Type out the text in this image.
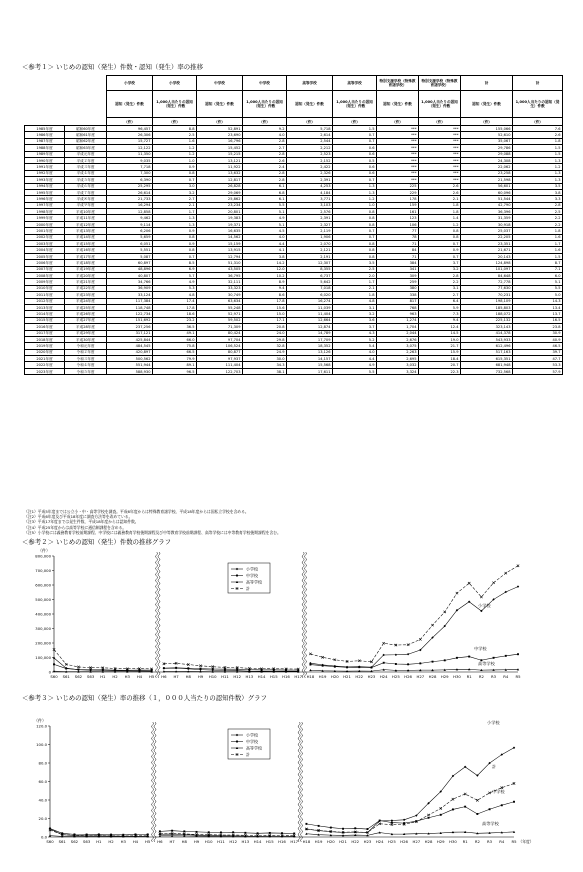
＜参考１＞ いじめの認知（発生）件数・認知（発生）率の推移
		小学校	小学校	中学校	中学校	高等学校	高等学校	特別支援学校（特殊教育諸学校）	特別支援学校（特殊教育諸学校）	計	計
		認知（発生）件数	1,000人当たりの認知（発生）件数	認知（発生）件数	1,000人当たりの認知（発生）件数	認知（発生）件数	1,000人当たりの認知（発生）件数	認知（発生）件数	1,000人当たりの認知（発生）件数	認知（発生）件数	1,000人当たりの認知（発生）件数
		（件）	（件）	（件）	（件）	（件）	（件）	（件）	（件）	（件）	（件）
1985年度	昭和60年度	96,457	8.8	52,891	9.2	5,718	1.5	***	***	155,066	7.6
1986年度	昭和61年度	26,306	2.5	23,690	4.0	2,614	0.7	***	***	52,610	2.6
1987年度	昭和62年度	15,727	1.6	16,796	2.8	2,544	0.7	***	***	35,067	1.8
1988年度	昭和63年度	12,122	1.2	15,452	2.7	2,212	0.6	***	***	29,786	1.5
1989年度	平成元年度	11,350	1.2	15,215	2.8	2,523	0.6	***	***	29,088	1.5
1990年度	平成２年度	9,035	1.0	13,121	2.6	2,152	0.5	***	***	24,308	1.3
1991年度	平成３年度	7,718	0.9	11,922	2.4	2,422	0.6	***	***	22,062	1.2
1992年度	平成４年度	7,300	0.8	13,632	2.8	2,326	0.6	***	***	23,258	1.3
1993年度	平成５年度	6,390	0.7	12,817	2.8	2,391	0.7	***	***	21,598	1.3
1994年度	平成６年度	25,295	3.0	26,828	6.1	4,253	1.3	225	2.6	56,601	3.5
1995年度	平成７年度	26,614	3.2	29,069	6.8	4,184	1.3	229	2.6	60,096	3.8
1996年度	平成８年度	21,733	2.7	25,862	6.1	3,771	1.2	178	2.1	51,544	3.3
1997年度	平成９年度	16,294	2.1	23,234	5.5	3,103	1.0	159	1.8	42,790	2.8
1998年度	平成10年度	12,858	1.7	20,801	5.1	2,576	0.8	161	1.8	36,396	2.5
1999年度	平成11年度	9,462	1.3	19,383	4.9	2,391	0.8	123	1.4	31,359	2.2
2000年度	平成12年度	9,114	1.3	19,371	5.1	2,327	0.8	106	1.2	30,918	2.2
2001年度	平成13年度	6,206	0.9	16,635	4.5	2,119	0.7	77	0.8	25,037	1.8
2002年度	平成14年度	5,659	0.8	14,562	4.0	1,906	0.7	78	0.8	22,205	1.6
2003年度	平成15年度	6,051	0.9	15,159	4.4	2,070	0.8	71	0.7	23,351	1.7
2004年度	平成16年度	5,551	0.8	13,915	4.1	2,121	0.8	84	0.9	21,671	1.6
2005年度	平成17年度	5,087	0.7	12,794	3.8	2,191	0.8	71	0.7	20,143	1.5
2006年度	平成18年度	60,897	8.5	51,310	14.2	12,307	3.5	384	3.7	124,898	8.7
2007年度	平成19年度	48,896	6.9	43,505	12.0	8,355	2.5	341	3.2	101,097	7.1
2008年度	平成20年度	40,807	5.7	36,795	10.2	6,737	2.0	309	2.8	84,648	6.0
2009年度	平成21年度	34,766	4.9	32,111	8.9	5,642	1.7	259	2.2	72,778	5.1
2010年度	平成22年度	36,909	5.3	33,323	9.4	7,018	2.1	380	3.1	77,630	5.5
2011年度	平成23年度	33,124	4.8	30,749	8.6	6,020	1.8	338	2.7	70,231	5.0
2012年度	平成24年度	117,384	17.4	63,634	17.8	16,274	4.8	817	6.4	198,109	14.3
2013年度	平成25年度	118,748	17.8	55,248	15.6	11,039	3.1	768	5.9	185,803	13.4
2014年度	平成26年度	122,734	18.6	52,971	15.0	11,404	3.2	963	7.3	188,072	13.7
2015年度	平成27年度	151,692	23.2	59,502	17.1	12,664	3.6	1,274	9.4	225,132	16.5
2016年度	平成28年度	237,256	36.5	71,309	20.8	12,874	3.7	1,704	12.4	323,143	23.8
2017年度	平成29年度	317,121	49.1	80,424	24.0	14,789	4.3	2,044	14.5	414,378	30.9
2018年度	平成30年度	425,844	66.0	97,704	29.8	17,709	5.2	2,676	19.0	543,933	40.9
2019年度	令和元年度	484,545	75.8	106,524	32.8	18,352	5.4	3,075	21.7	612,496	46.5
2020年度	令和２年度	420,897	66.5	80,877	24.9	13,126	4.0	2,263	15.9	517,163	39.7
2021年度	令和３年度	500,562	79.9	97,937	30.0	14,157	4.4	2,695	18.4	615,351	47.7
2022年度	令和４年度	551,944	89.1	111,404	34.3	15,568	4.9	3,032	20.7	681,948	53.3
2023年度	令和５年度	588,930	96.5	122,703	38.1	17,611	5.5	3,324	22.3	732,568	57.9
（注1）平成5年度までは公立小・中・高等学校を調査。平成6年度からは特殊教育諸学校、平成18年度からは国私立学校を含める。
（注2）平成6年度及び平成18年度に調査方法等を改めている。
（注3）平成17年度までは発生件数、平成18年度からは認知件数。
（注4）平成25年度からは高等学校に通信制課程を含める。
（注5）小学校には義務教育学校前期課程、中学校には義務教育学校後期課程及び中等教育学校前期課程、高等学校には中等教育学校後期課程を含む。
＜参考２＞ いじめの認知（発生）件数の推移グラフ
0
100,000
200,000
300,000
400,000
500,000
600,000
700,000
800,000
（件）
S60 S61 S62 S63 H1 H2 H3 H4 H5 H6 H7 H8 H9 H10 H11 H12 H13 H14 H15 H16 H17 H18 H19 H20 H21 H22 H23 H24 H25 H26 H27 H28 H29 H30 R1 R2 R3 R4 R5
小学校
中学校
高等学校
計
小学校
中学校
高等学校
＜参考３＞ いじめの認知（発生）率の推移（１，０００人当たりの認知件数）グラフ
0.0
20.0
40.0
60.0
80.0
100.0
120.0
（件）
S60 S61 S62 S63 H1 H2 H3 H4 H5 H6 H7 H8 H9 H10 H11 H12 H13 H14 H15 H16 H17 H18 H19 H20 H21 H22 H23 H24 H25 H26 H27 H28 H29 H30 R1 R2 R3 R4 R5 （年度）
小学校
中学校
高等学校
計
小学校
計
中学校
高等学校
